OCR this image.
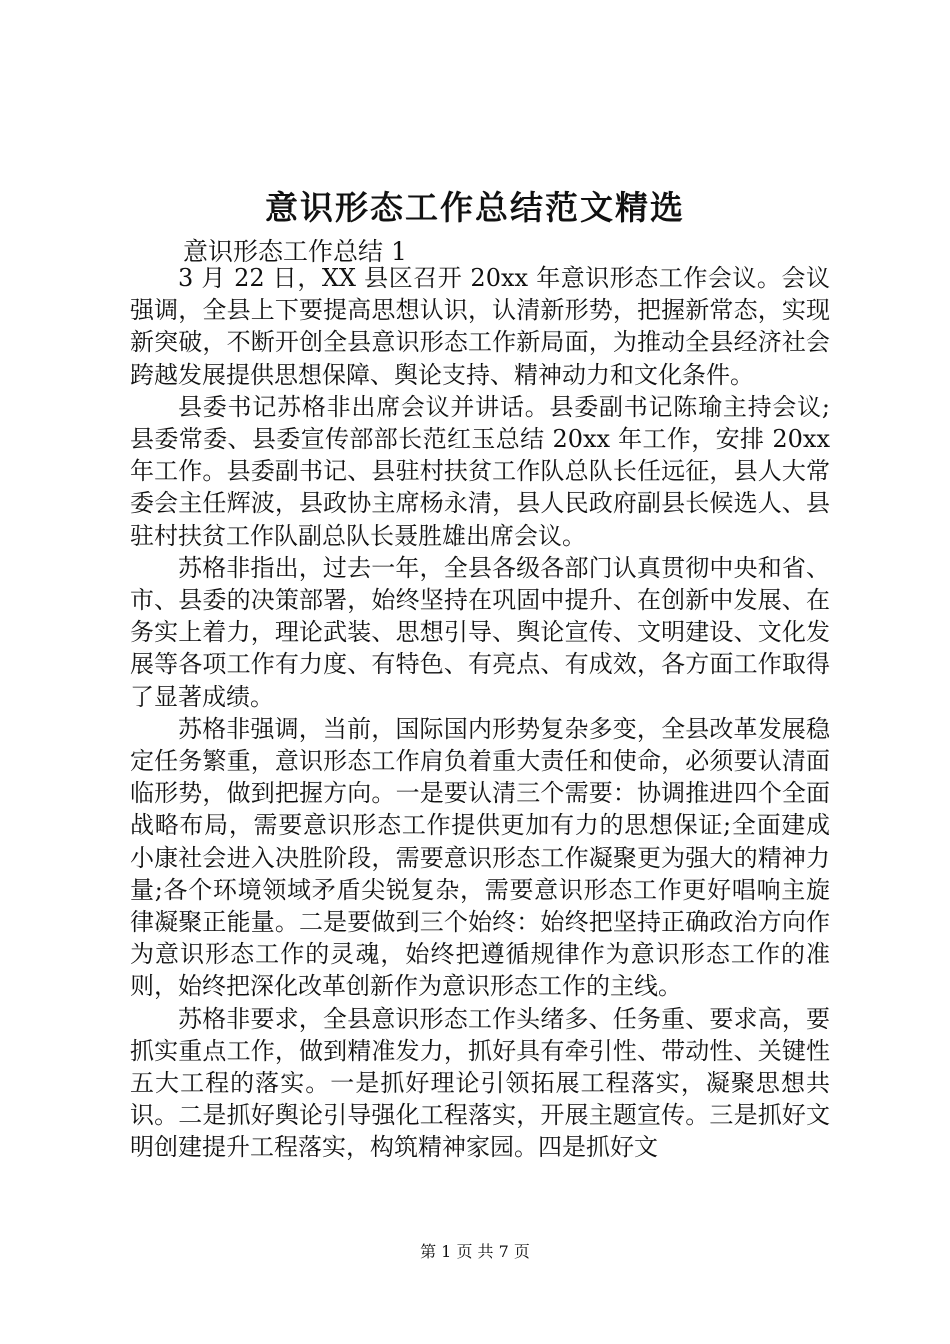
意识形态工作总结范文精选
意识形态工作总结 1

3 月 22 日，XX 县区召开 20xx 年意识形态工作会议。会议强调，全县上下要提高思想认识，认清新形势，把握新常态，实现新突破，不断开创全县意识形态工作新局面，为推动全县经济社会跨越发展提供思想保障、舆论支持、精神动力和文化条件。

县委书记苏格非出席会议并讲话。县委副书记陈瑜主持会议;县委常委、县委宣传部部长范红玉总结 20xx 年工作，安排 20xx 年工作。县委副书记、县驻村扶贫工作队总队长任远征，县人大常委会主任辉波，县政协主席杨永清，县人民政府副县长候选人、县驻村扶贫工作队副总队长聂胜雄出席会议。

苏格非指出，过去一年，全县各级各部门认真贯彻中央和省、市、县委的决策部署，始终坚持在巩固中提升、在创新中发展、在务实上着力，理论武装、思想引导、舆论宣传、文明建设、文化发展等各项工作有力度、有特色、有亮点、有成效，各方面工作取得了显著成绩。

苏格非强调，当前，国际国内形势复杂多变，全县改革发展稳定任务繁重，意识形态工作肩负着重大责任和使命，必须要认清面临形势，做到把握方向。一是要认清三个需要：协调推进四个全面战略布局，需要意识形态工作提供更加有力的思想保证;全面建成小康社会进入决胜阶段，需要意识形态工作凝聚更为强大的精神力量;各个环境领域矛盾尖锐复杂，需要意识形态工作更好唱响主旋律凝聚正能量。二是要做到三个始终：始终把坚持正确政治方向作为意识形态工作的灵魂，始终把遵循规律作为意识形态工作的准则，始终把深化改革创新作为意识形态工作的主线。

苏格非要求，全县意识形态工作头绪多、任务重、要求高，要抓实重点工作，做到精准发力，抓好具有牵引性、带动性、关键性五大工程的落实。一是抓好理论引领拓展工程落实，凝聚思想共识。二是抓好舆论引导强化工程落实，开展主题宣传。三是抓好文明创建提升工程落实，构筑精神家园。四是抓好文

第 1 页 共 7 页
